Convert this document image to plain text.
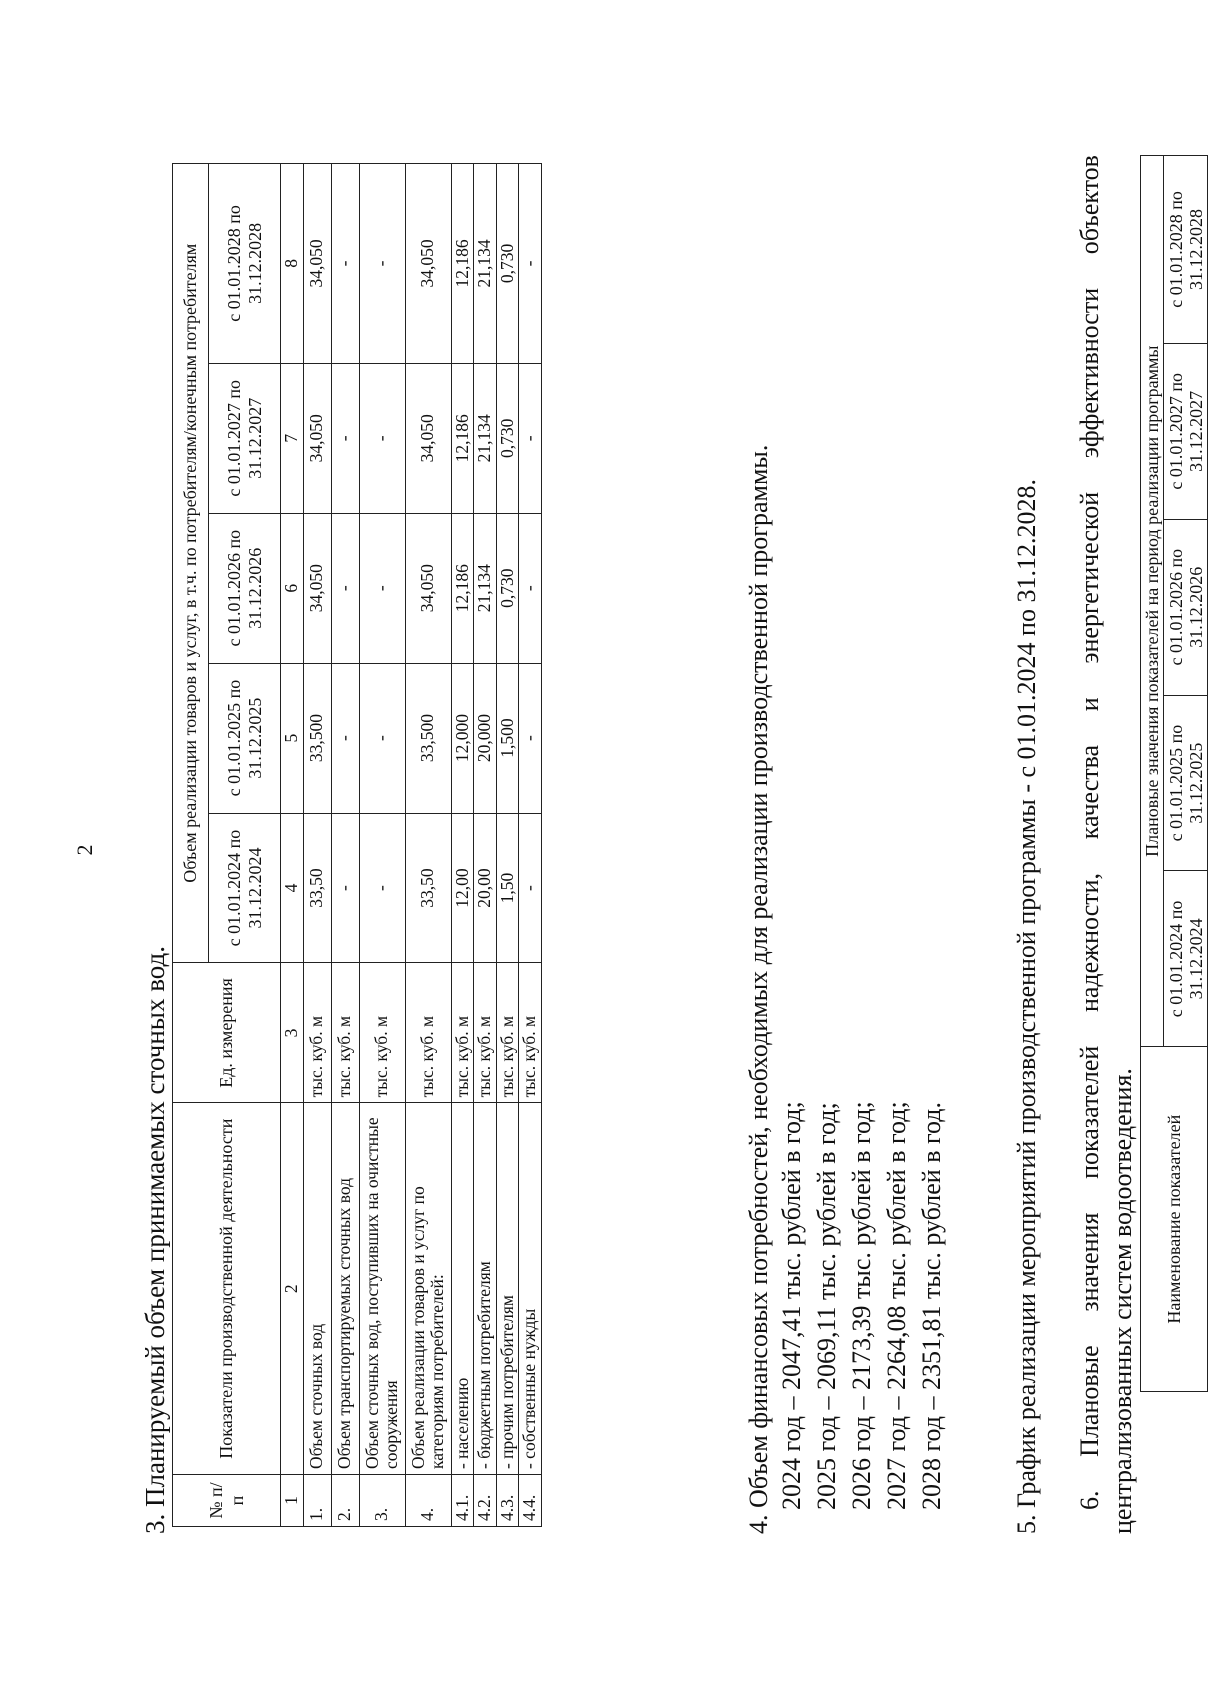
2
3. Планируемый объем принимаемых сточных вод. № п/п	Показатели производственной деятельности	Ед. измерения	Объем реализации товаров и услуг, в т.ч. по потребителям/конечным потребителям				
			с 01.01.2024 по 31.12.2024	с 01.01.2025 по 31.12.2025	с 01.01.2026 по 31.12.2026	с 01.01.2027 по 31.12.2027	с 01.01.2028 по 31.12.2028
1	2	3	4	5	6	7	8
1.	Объем сточных вод	тыс. куб. м	33,50	33,500	34,050	34,050	34,050
2.	Объем транспортируемых сточных вод	тыс. куб. м	-	-	-	-	-
3.	Объем сточных вод, поступивших на очистные сооружения	тыс. куб. м	-	-	-	-	-
4.	Объем реализации товаров и услуг по категориям потребителей:	тыс. куб. м	33,50	33,500	34,050	34,050	34,050
4.1.	- населению	тыс. куб. м	12,00	12,000	12,186	12,186	12,186
4.2.	- бюджетным потребителям	тыс. куб. м	20,00	20,000	21,134	21,134	21,134
4.3.	- прочим потребителям	тыс. куб. м	1,50	1,500	0,730	0,730	0,730
4.4.	- собственные нужды	тыс. куб. м	-	-	-	-	-
4. Объем финансовых потребностей, необходимых для реализации производственной программы. 2024 год – 2047,41 тыс. рублей в год; 2025 год – 2069,11 тыс. рублей в год; 2026 год – 2173,39 тыс. рублей в год; 2027 год – 2264,08 тыс. рублей в год; 2028 год – 2351,81 тыс. рублей в год.	5. График реализации мероприятий производственной программы - с 01.01.2024 по 31.12.2028. 6.
Плановые
значения
показателей
надежности,
качества
и
энергетической
эффективности
объектов
централизованных систем водоотведения. Наименование показателей	Плановые значения показателей на период реализации программы				
	с 01.01.2024 по 31.12.2024	с 01.01.2025 по 31.12.2025	с 01.01.2026 по 31.12.2026	с 01.01.2027 по 31.12.2027	с 01.01.2028 по 31.12.2028
